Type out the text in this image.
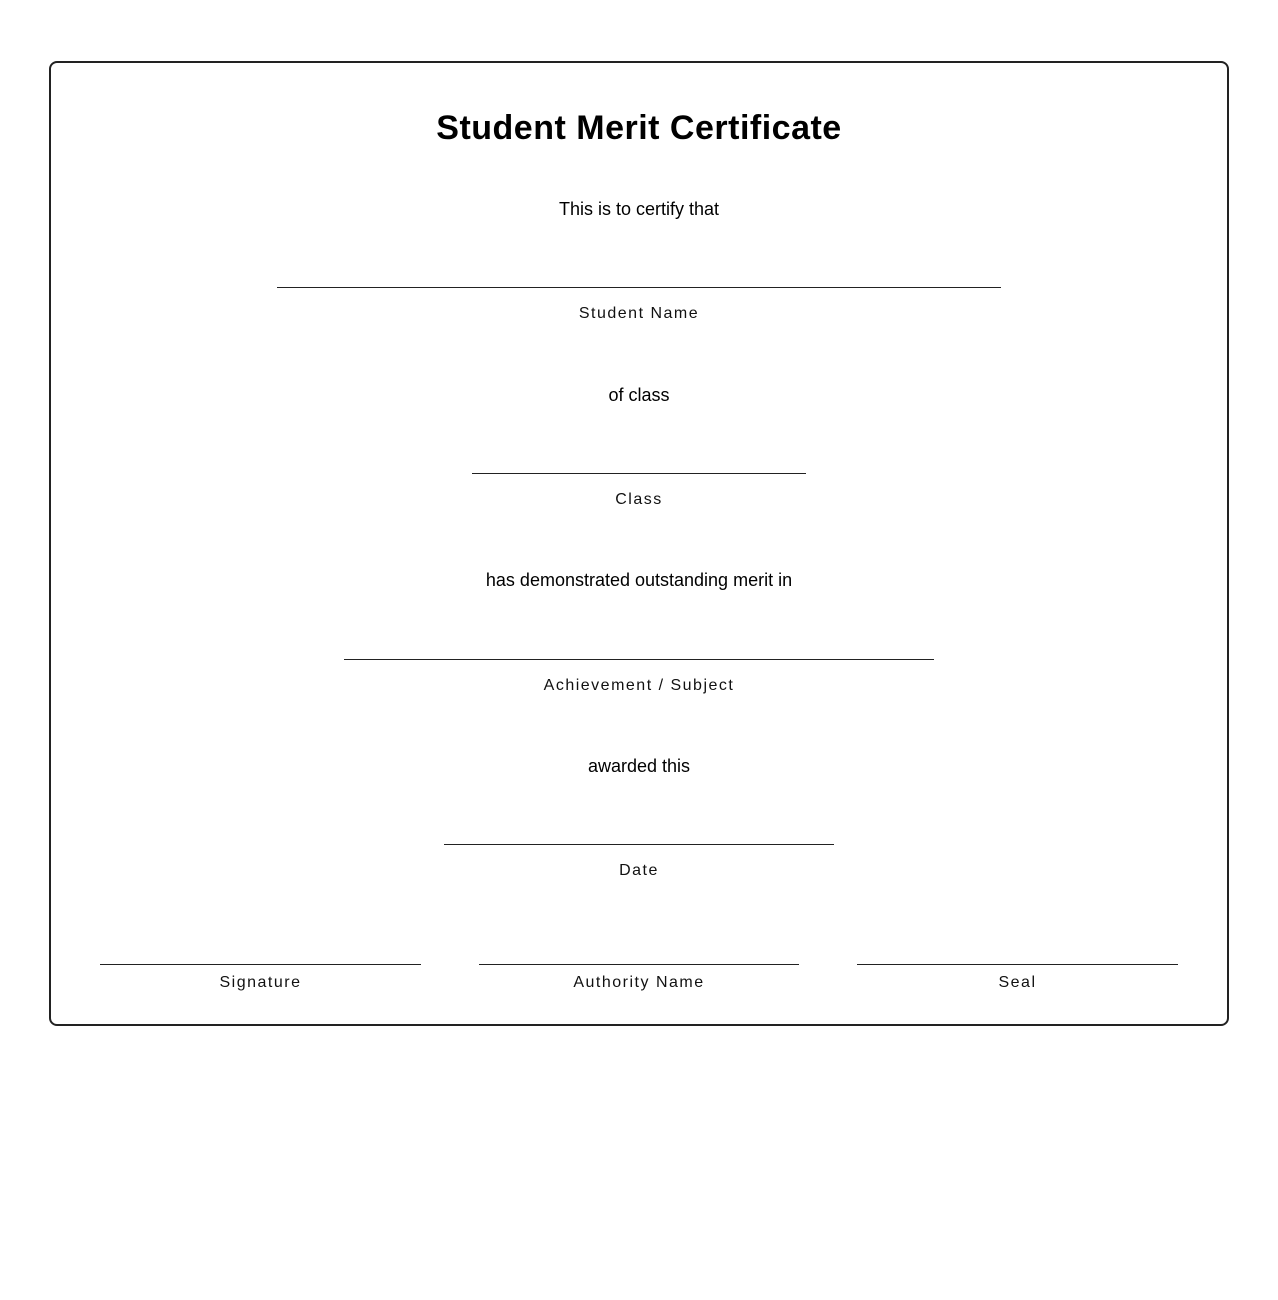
Student Merit Certificate
This is to certify that
Student Name
of class
Class
has demonstrated outstanding merit in
Achievement / Subject
awarded this
Date
Signature	Authority Name	Seal
